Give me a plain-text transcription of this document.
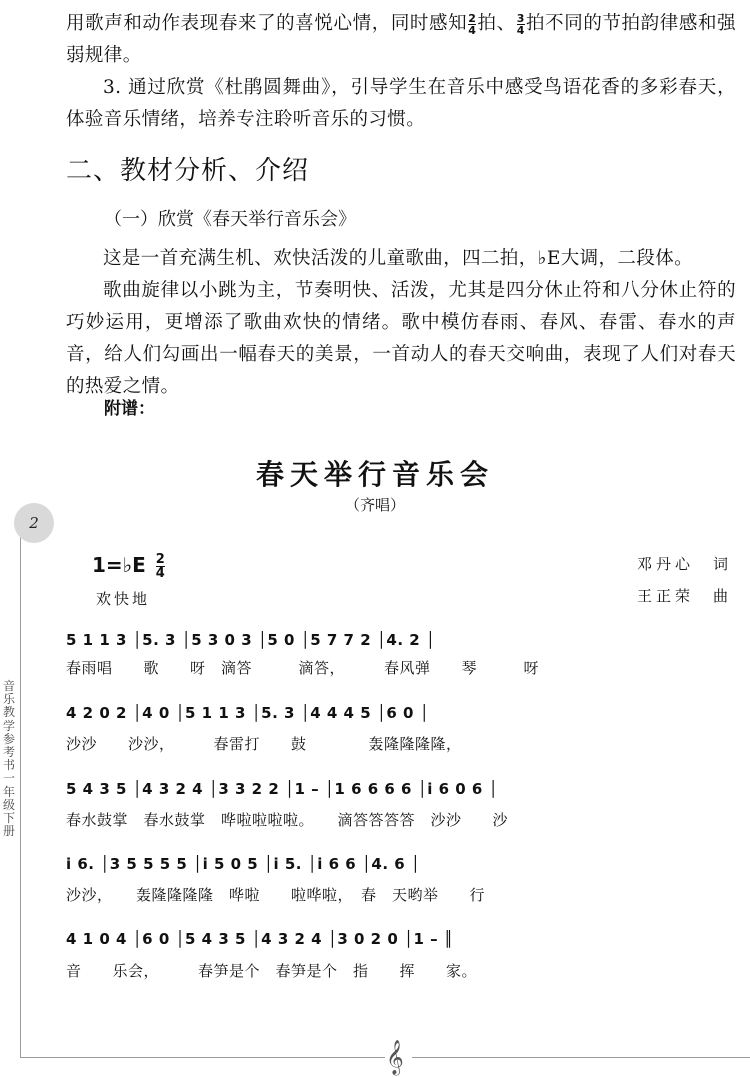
用歌声和动作表现春来了的喜悦心情，同时感知 $\frac{2}{4}$ 拍、 $\frac{3}{4}$ 拍不同的节拍韵律感和强弱规律。
3. 通过欣赏《杜鹃圆舞曲》，引导学生在音乐中感受鸟语花香的多彩春天，体验音乐情绪，培养专注聆听音乐的习惯。
二、教材分析、介绍
（一）欣赏《春天举行音乐会》
这是一首充满生机、欢快活泼的儿童歌曲，四二拍，♭E大调，二段体。
歌曲旋律以小跳为主，节奏明快、活泼，尤其是四分休止符和八分休止符的巧妙运用，更增添了歌曲欢快的情绪。歌中模仿春雨、春风、春雷、春水的声音，给人们勾画出一幅春天的美景，一首动人的春天交响曲，表现了人们对春天的热爱之情。
附谱：
春天举行音乐会
（齐唱）
1=♭E $\frac{2}{4}$
欢快地
邓丹心　词
王正荣　曲
5 1 1 3 │5. 3 │5 3 0 3 │5 0 │5 7 7 2 │4. 2 │
春雨唱　　歌　　呀　滴答　　　滴答，　　　春风弹　　琴　　　呀
4 2 0 2 │4 0 │5 1 1 3 │5. 3 │4 4 4 5 │6 0 │
沙沙　　沙沙，　　　春雷打　　鼓　　　　轰隆隆隆隆，
5 4 3 5 │4 3 2 4 │3 3 2 2 │1 – │1 6 6 6 6 │i 6 0 6 │
春水鼓掌　春水鼓掌　哗啦啦啦啦。　　滴答答答答　沙沙　　沙
i 6. │3 5 5 5 5 │i 5 0 5 │i 5. │i 6 6 │4. 6 │
沙沙，　　轰隆隆隆隆　哗啦　　啦哗啦，　春　天哟举　　行
4 1 0 4 │6 0 │5 4 3 5 │4 3 2 4 │3 0 2 0 │1 – ║
音　　乐会，　　　春笋是个　春笋是个　指　　挥　　家。
2
音乐教学参考书一年级下册
𝄞
